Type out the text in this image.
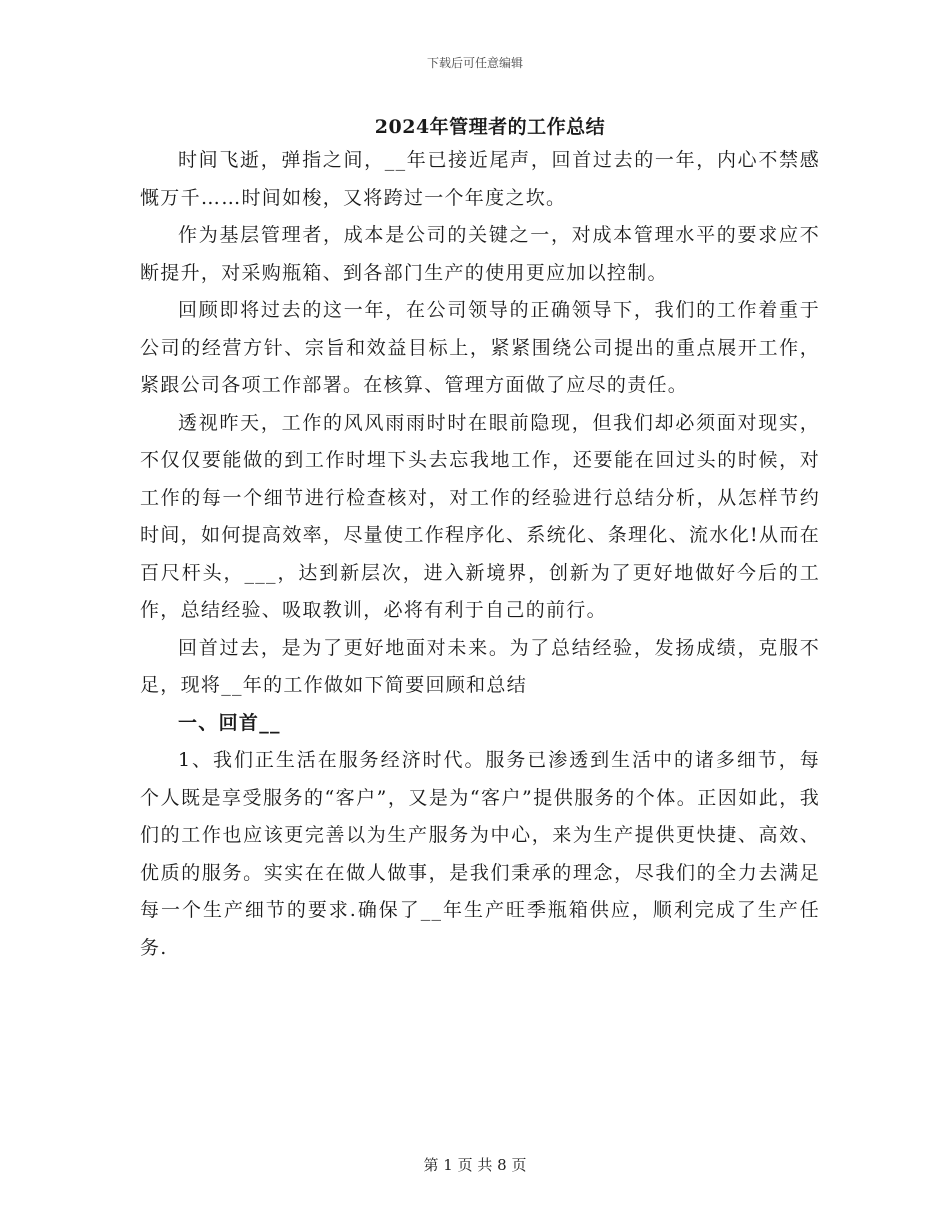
下载后可任意编辑
2024年管理者的工作总结

时间飞逝，弹指之间，__年已接近尾声，回首过去的一年，内心不禁感慨万千……时间如梭，又将跨过一个年度之坎。

作为基层管理者，成本是公司的关键之一，对成本管理水平的要求应不断提升，对采购瓶箱、到各部门生产的使用更应加以控制。

回顾即将过去的这一年，在公司领导的正确领导下，我们的工作着重于公司的经营方针、宗旨和效益目标上，紧紧围绕公司提出的重点展开工作，紧跟公司各项工作部署。在核算、管理方面做了应尽的责任。

透视昨天，工作的风风雨雨时时在眼前隐现，但我们却必须面对现实，不仅仅要能做的到工作时埋下头去忘我地工作，还要能在回过头的时候，对工作的每一个细节进行检查核对，对工作的经验进行总结分析，从怎样节约时间，如何提高效率，尽量使工作程序化、系统化、条理化、流水化!从而在百尺杆头，___，达到新层次，进入新境界，创新为了更好地做好今后的工作，总结经验、吸取教训，必将有利于自己的前行。

回首过去，是为了更好地面对未来。为了总结经验，发扬成绩，克服不足，现将__年的工作做如下简要回顾和总结

一、回首__

1、我们正生活在服务经济时代。服务已渗透到生活中的诸多细节，每个人既是享受服务的“客户”，又是为“客户”提供服务的个体。正因如此，我们的工作也应该更完善以为生产服务为中心，来为生产提供更快捷、高效、优质的服务。实实在在做人做事，是我们秉承的理念，尽我们的全力去满足每一个生产细节的要求.确保了__年生产旺季瓶箱供应，顺利完成了生产任务.

第 1 页 共 8 页
